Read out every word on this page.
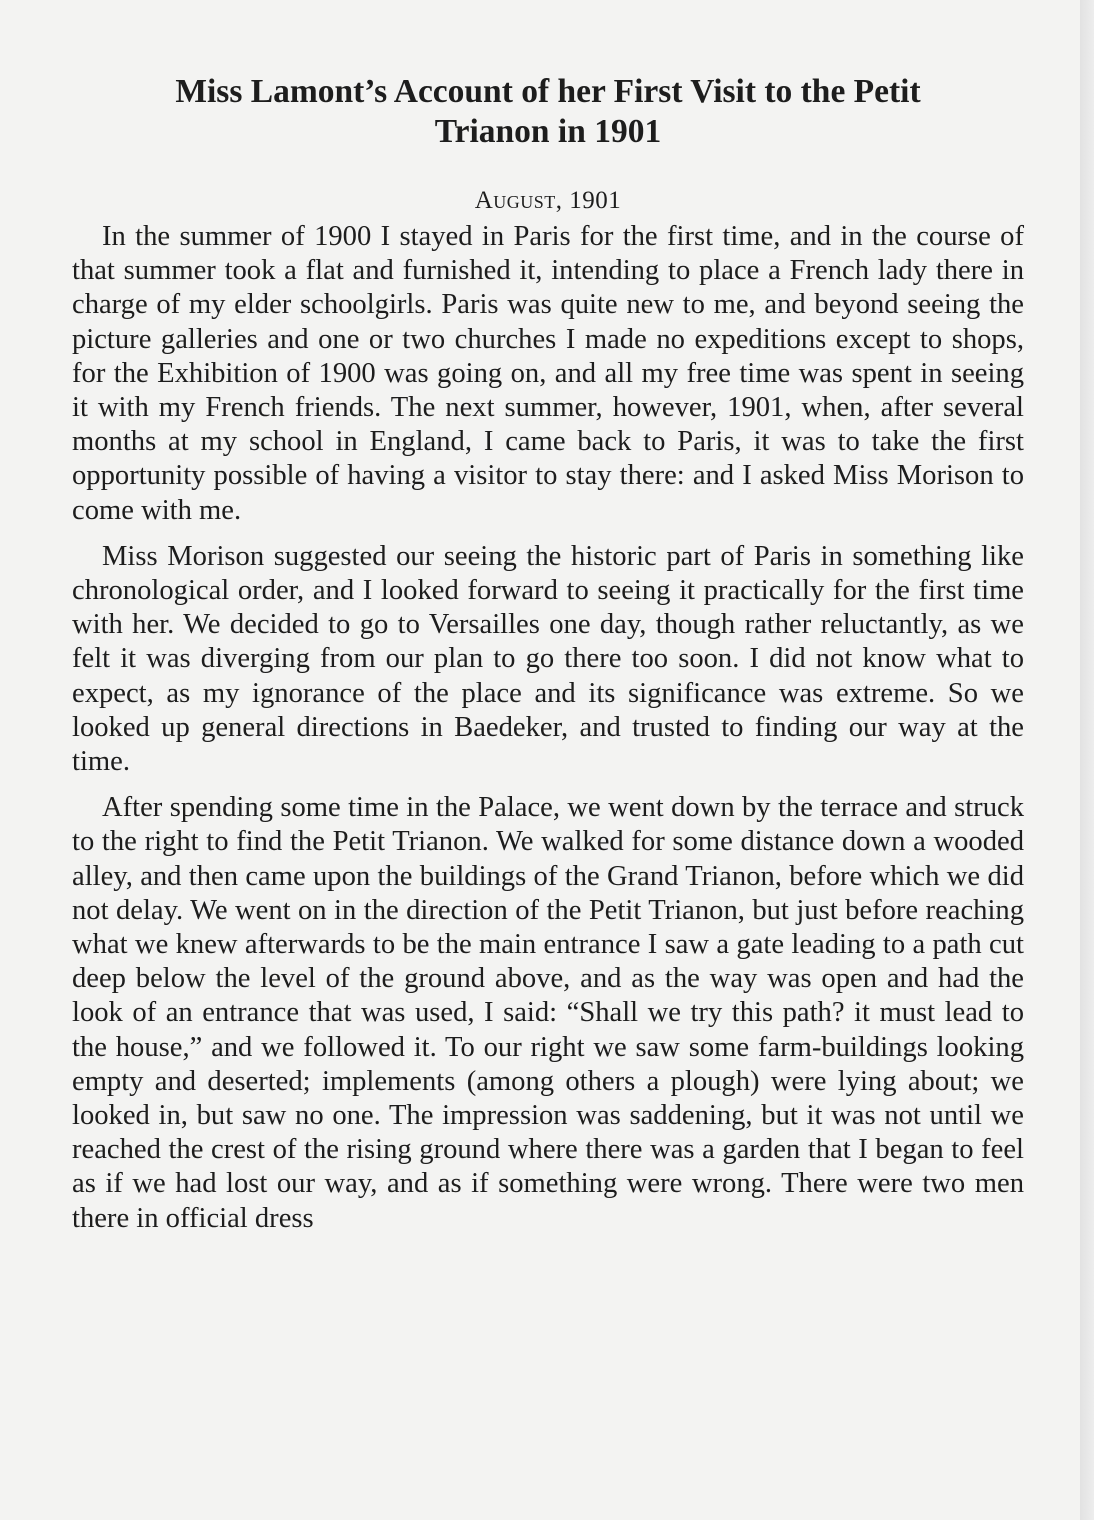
Miss Lamont’s Account of her First Visit to the Petit
Trianon in 1901
August, 1901

In the summer of 1900 I stayed in Paris for the first time, and in the course of that summer took a flat and furnished it, intending to place a French lady there in charge of my elder schoolgirls. Paris was quite new to me, and beyond seeing the picture galleries and one or two churches I made no expeditions except to shops, for the Exhibition of 1900 was going on, and all my free time was spent in seeing it with my French friends. The next summer, however, 1901, when, after several months at my school in England, I came back to Paris, it was to take the first opportunity possible of having a visitor to stay there: and I asked Miss Morison to come with me.

Miss Morison suggested our seeing the historic part of Paris in something like chronological order, and I looked forward to seeing it practically for the first time with her. We decided to go to Versailles one day, though rather reluctantly, as we felt it was diverging from our plan to go there too soon. I did not know what to expect, as my ignorance of the place and its significance was extreme. So we looked up general directions in Baedeker, and trusted to finding our way at the time.

After spending some time in the Palace, we went down by the terrace and struck to the right to find the Petit Trianon. We walked for some distance down a wooded alley, and then came upon the buildings of the Grand Trianon, before which we did not delay. We went on in the direction of the Petit Trianon, but just before reaching what we knew afterwards to be the main entrance I saw a gate leading to a path cut deep below the level of the ground above, and as the way was open and had the look of an entrance that was used, I said: “Shall we try this path? it must lead to the house,” and we followed it. To our right we saw some farm-buildings looking empty and deserted; implements (among others a plough) were lying about; we looked in, but saw no one. The impression was saddening, but it was not until we reached the crest of the rising ground where there was a garden that I began to feel as if we had lost our way, and as if something were wrong. There were two men there in official dress
